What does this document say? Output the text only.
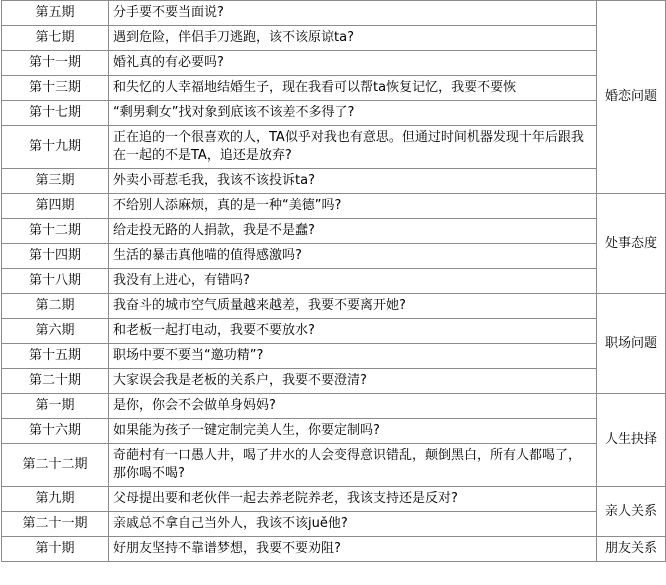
第五期	分手要不要当面说?	婚恋问题
第七期	遇到危险，伴侣手刀逃跑，该不该原谅ta?	
第十一期	婚礼真的有必要吗?	
第十三期	和失忆的人幸福地结婚生子，现在我看可以帮ta恢复记忆，我要不要恢	
第十七期	“剩男剩女”找对象到底该不该差不多得了?	
第十九期	正在追的一个很喜欢的人，TA似乎对我也有意思。但通过时间机器发现十年后跟我在一起的不是TA，追还是放弃?	
第三期	外卖小哥惹毛我，我该不该投诉ta?	
第四期	不给别人添麻烦，真的是一种“美德”吗?	处事态度
第十二期	给走投无路的人捐款，我是不是蠢?	
第十四期	生活的暴击真他喵的值得感激吗?	
第十八期	我没有上进心，有错吗?	
第二期	我奋斗的城市空气质量越来越差，我要不要离开她?	职场问题
第六期	和老板一起打电动，我要不要放水?	
第十五期	职场中要不要当“邀功精”?	
第二十期	大家误会我是老板的关系户，我要不要澄清?	
第一期	是你，你会不会做单身妈妈?	人生抉择
第十六期	如果能为孩子一键定制完美人生，你要定制吗?	
第二十二期	奇葩村有一口愚人井，喝了井水的人会变得意识错乱，颠倒黑白，所有人都喝了，那你喝不喝?	
第九期	父母提出要和老伙伴一起去养老院养老，我该支持还是反对?	亲人关系
第二十一期	亲戚总不拿自己当外人，我该不该juě他?	
第十期	好朋友坚持不靠谱梦想，我要不要劝阻?	朋友关系
